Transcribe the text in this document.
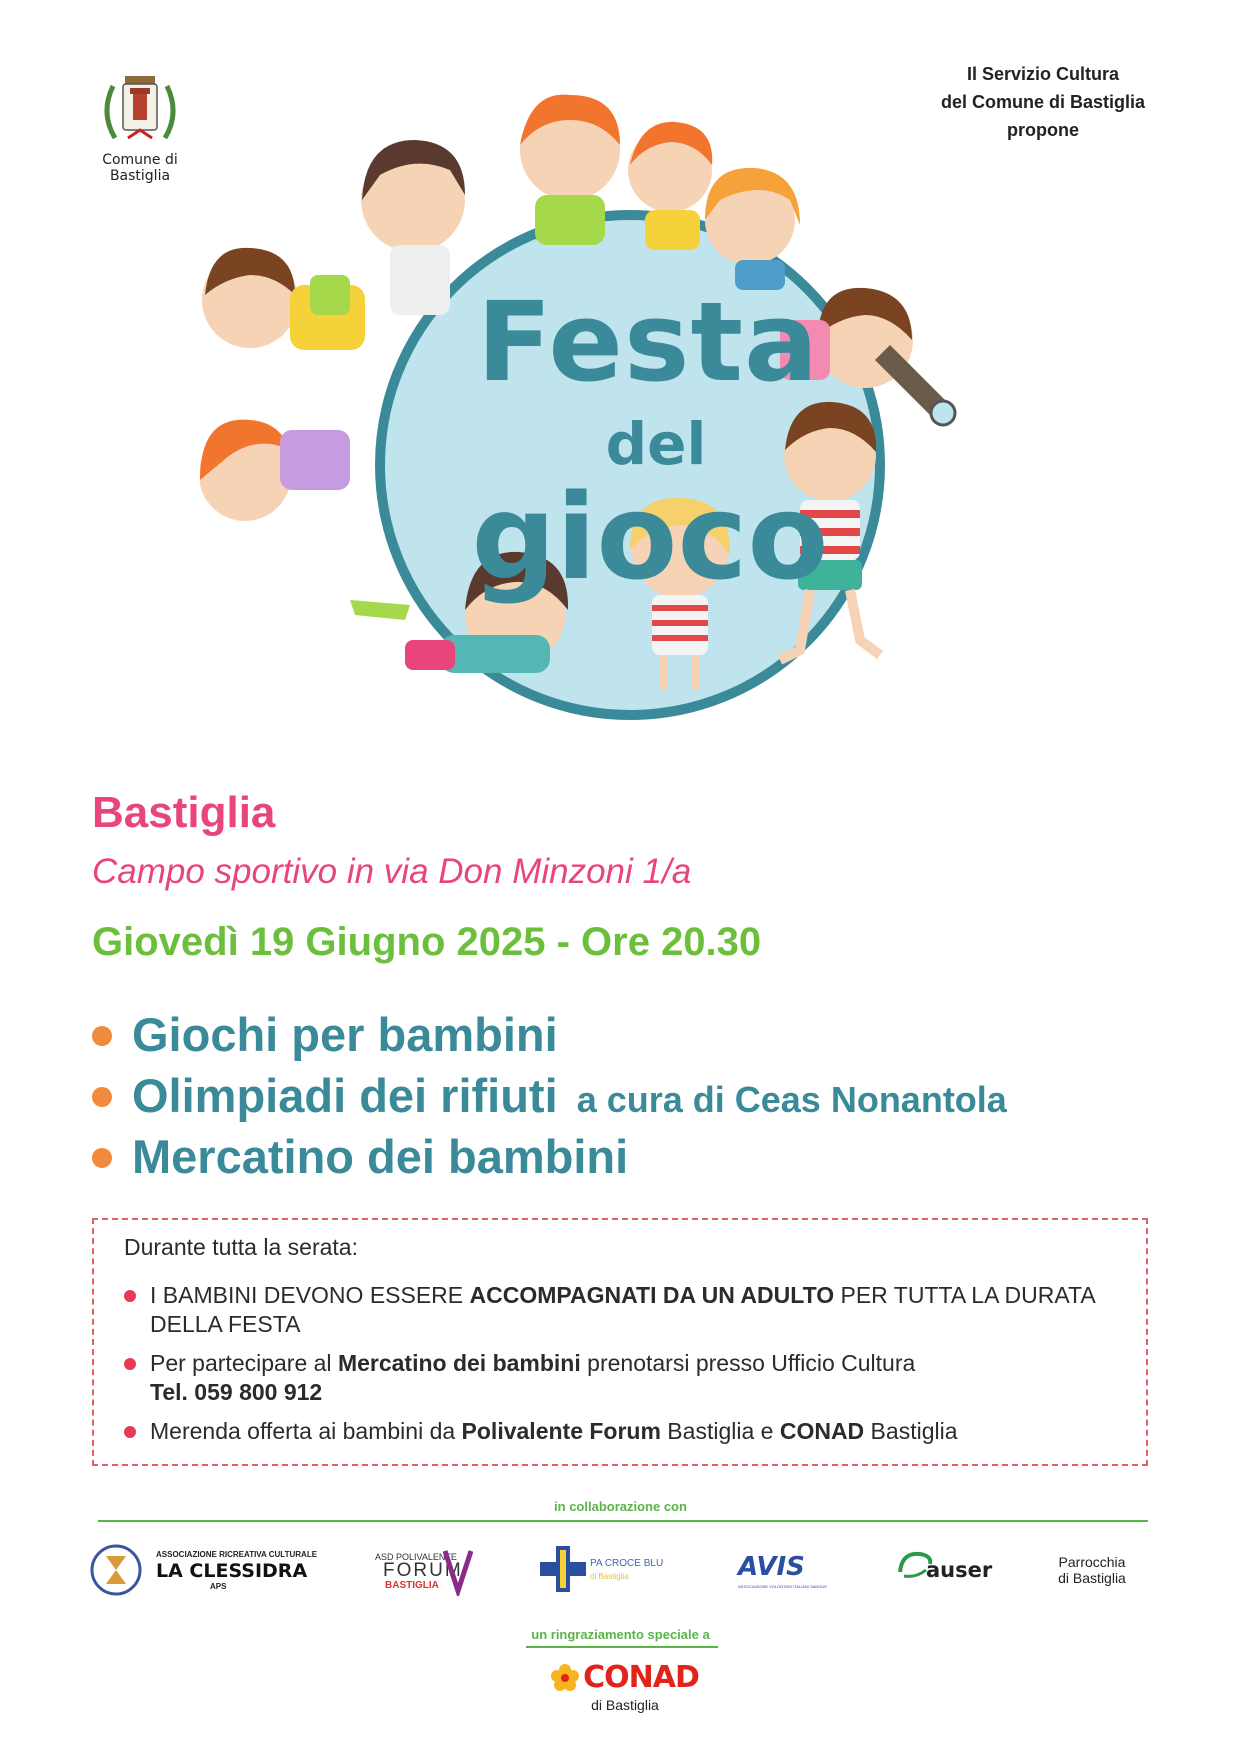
Comune di Bastiglia
Il Servizio Cultura
del Comune di Bastiglia
propone
Festa
del
gioco
Bastiglia
Campo sportivo in via Don Minzoni 1/a
Giovedì 19 Giugno 2025 - Ore 20.30
Giochi per bambini
Olimpiadi dei rifiuti a cura di Ceas Nonantola
Mercatino dei bambini
Durante tutta la serata:
I BAMBINI DEVONO ESSERE ACCOMPAGNATI DA UN ADULTO PER TUTTA LA DURATA DELLA FESTA
Per partecipare al Mercatino dei bambini prenotarsi presso Ufficio Cultura
Tel. 059 800 912
Merenda offerta ai bambini da Polivalente Forum Bastiglia e CONAD Bastiglia
in collaborazione con
ASSOCIAZIONE RICREATIVA CULTURALE
LA CLESSIDRA
APS
ASD POLIVALENTE
FORUM
BASTIGLIA
PA CROCE BLU
di Bastiglia	AVIS
ASSOCIAZIONE VOLONTARI ITALIANI SANGUE
auser	Parrocchia
di Bastiglia
un ringraziamento speciale a
CONAD
di Bastiglia
